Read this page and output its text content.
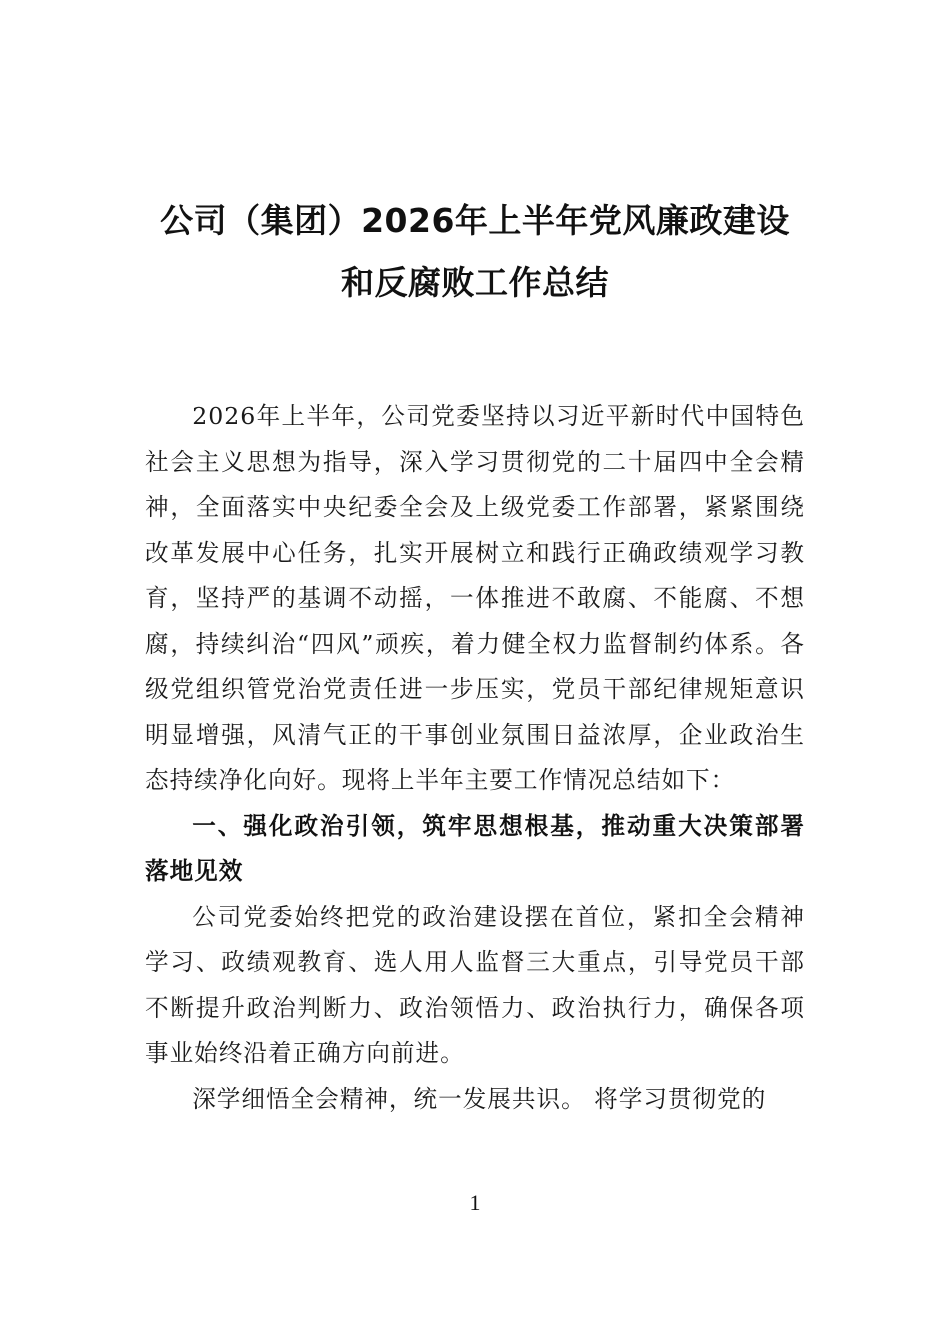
公司（集团）2026年上半年党风廉政建设
和反腐败工作总结

2026年上半年，公司党委坚持以习近平新时代中国特色社会主义思想为指导，深入学习贯彻党的二十届四中全会精神，全面落实中央纪委全会及上级党委工作部署，紧紧围绕改革发展中心任务，扎实开展树立和践行正确政绩观学习教育，坚持严的基调不动摇，一体推进不敢腐、不能腐、不想腐，持续纠治“四风”顽疾，着力健全权力监督制约体系。各级党组织管党治党责任进一步压实，党员干部纪律规矩意识明显增强，风清气正的干事创业氛围日益浓厚，企业政治生态持续净化向好。现将上半年主要工作情况总结如下：

一、强化政治引领，筑牢思想根基，推动重大决策部署落地见效

公司党委始终把党的政治建设摆在首位，紧扣全会精神学习、政绩观教育、选人用人监督三大重点，引导党员干部不断提升政治判断力、政治领悟力、政治执行力，确保各项事业始终沿着正确方向前进。

深学细悟全会精神，统一发展共识。 将学习贯彻党的

1
